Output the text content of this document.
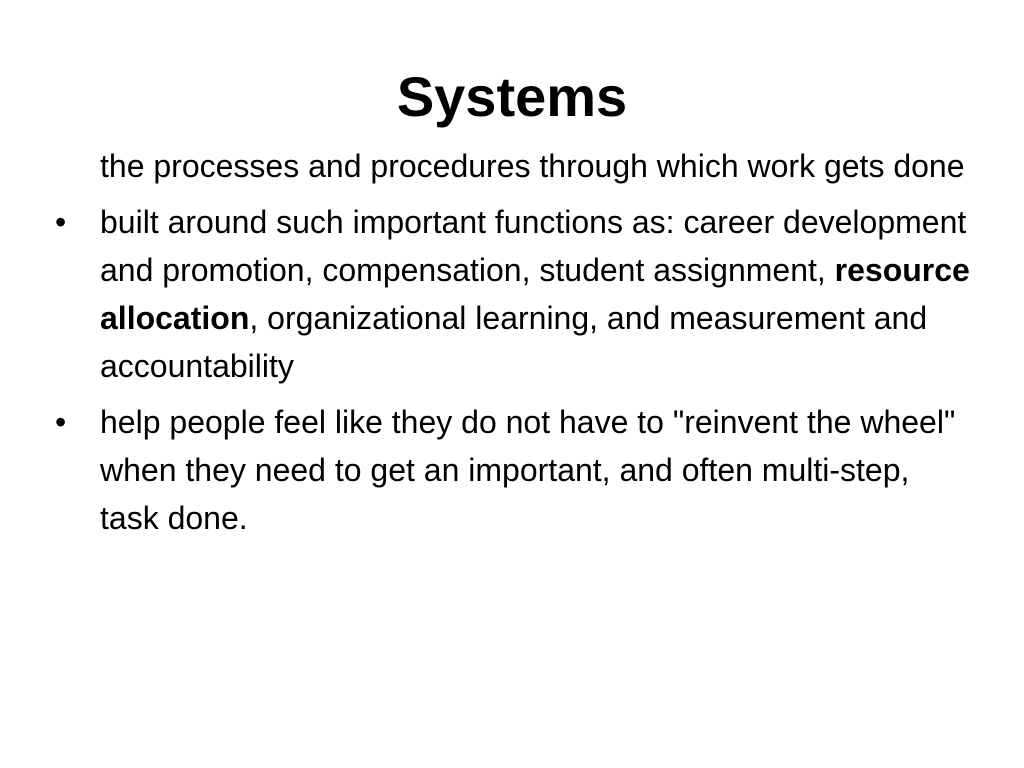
Systems
the processes and procedures through which work gets done
•	built around such important functions as: career development and promotion, compensation, student assignment, resource allocation, organizational learning, and measurement and accountability
•	help people feel like they do not have to "reinvent the wheel" when they need to get an important, and often multi-step, task done.
